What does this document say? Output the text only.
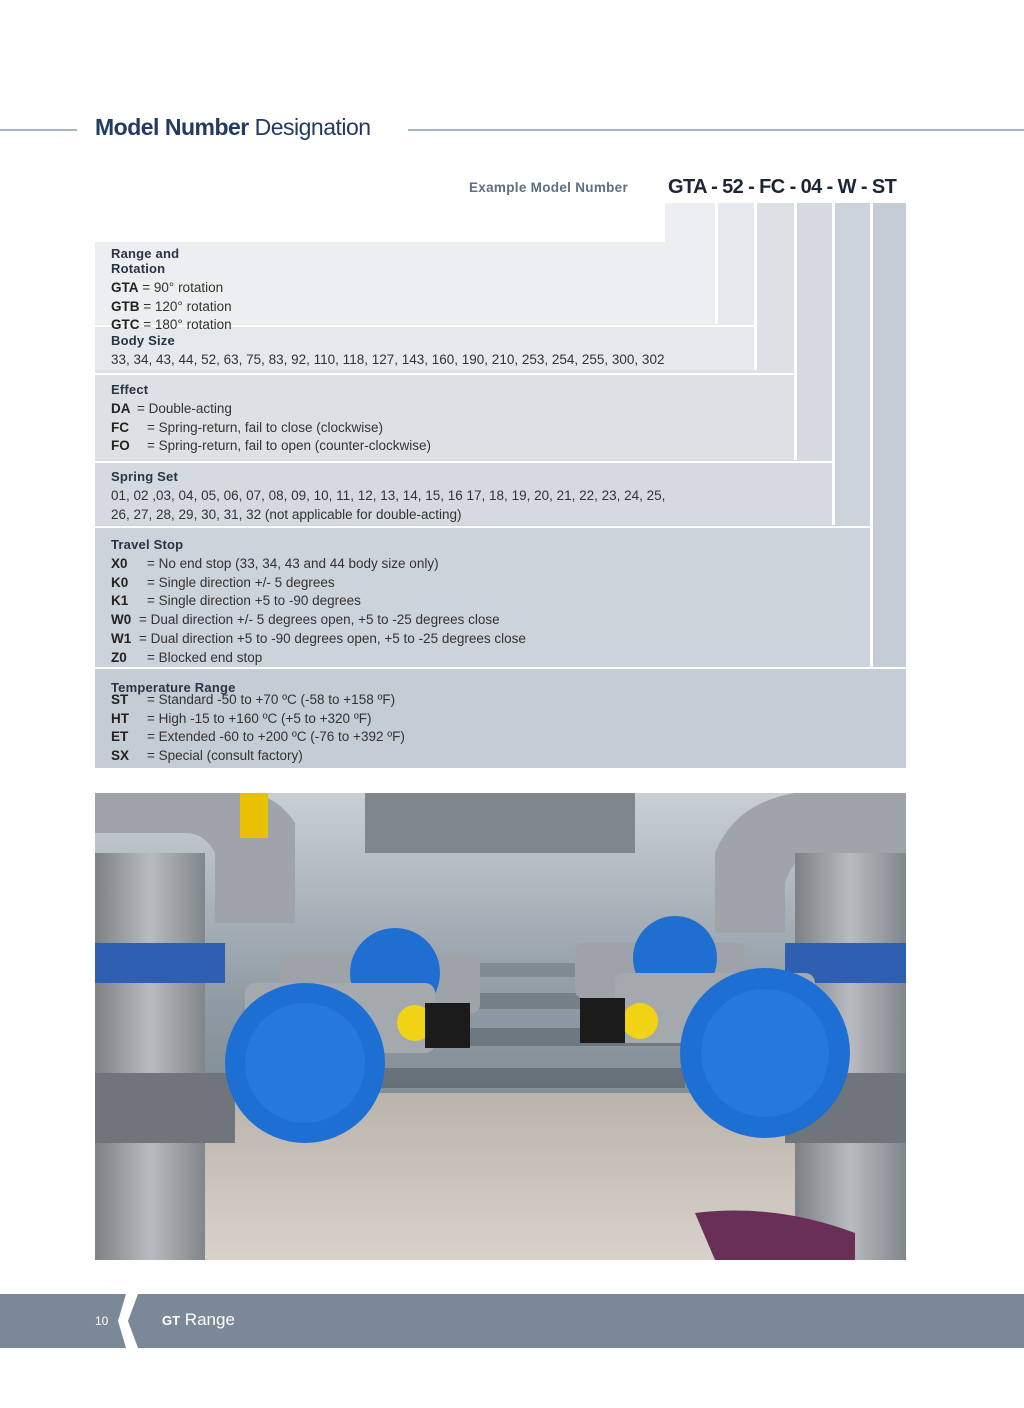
Model Number Designation
Example Model Number GTA - 52 - FC - 04 - W - ST
Range and Rotation
GTA = 90° rotation
GTB = 120° rotation
GTC = 180° rotation
Body Size
33, 34, 43, 44, 52, 63, 75, 83, 92, 110, 118, 127, 143, 160, 190, 210, 253, 254, 255, 300, 302
Effect
DA = Double-acting
FC = Spring-return, fail to close (clockwise)
FO = Spring-return, fail to open (counter-clockwise)
Spring Set
01, 02 ,03, 04, 05, 06, 07, 08, 09, 10, 11, 12, 13, 14, 15, 16 17, 18, 19, 20, 21, 22, 23, 24, 25,
26, 27, 28, 29, 30, 31, 32 (not applicable for double-acting)
Travel Stop
X0 = No end stop (33, 34, 43 and 44 body size only)
K0 = Single direction +/- 5 degrees
K1 = Single direction +5 to -90 degrees
W0 = Dual direction +/- 5 degrees open, +5 to -25 degrees close
W1 = Dual direction +5 to -90 degrees open, +5 to -25 degrees close
Z0 = Blocked end stop
Temperature Range
ST = Standard -50 to +70 ºC (-58 to +158 ºF)
HT = High -15 to +160 ºC (+5 to +320 ºF)
ET = Extended -60 to +200 ºC (-76 to +392 ºF)
SX = Special (consult factory)
10	GT Range
